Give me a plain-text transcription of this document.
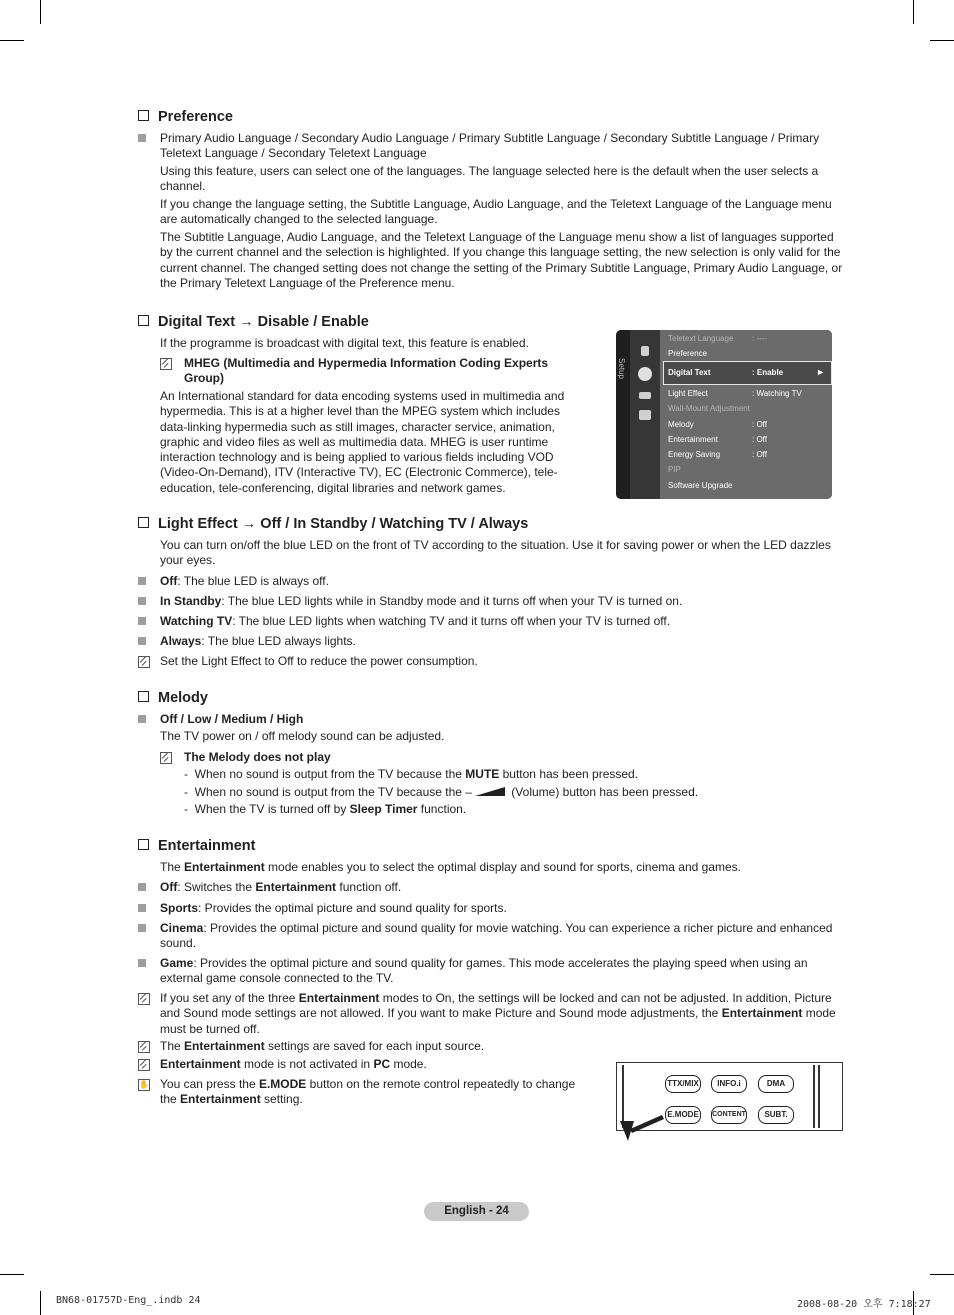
Preference
Primary Audio Language / Secondary Audio Language / Primary Subtitle Language / Secondary Subtitle Language / Primary Teletext Language / Secondary Teletext Language
Using this feature, users can select one of the languages. The language selected here is the default when the user selects a channel.
If you change the language setting, the Subtitle Language, Audio Language, and the Teletext Language of the Language menu are automatically changed to the selected language.
The Subtitle Language, Audio Language, and the Teletext Language of the Language menu show a list of languages supported by the current channel and the selection is highlighted. If you change this language setting, the new selection is only valid for the current channel. The changed setting does not change the setting of the Primary Subtitle Language, Primary Audio Language, or the Primary Teletext Language of the Preference menu.
Digital Text → Disable / Enable
If the programme is broadcast with digital text, this feature is enabled.
MHEG (Multimedia and Hypermedia Information Coding Experts Group)
An International standard for data encoding systems used in multimedia and hypermedia. This is at a higher level than the MPEG system which includes data-linking hypermedia such as still images, character service, animation, graphic and video files as well as multimedia data. MHEG is user runtime interaction technology and is being applied to various fields including VOD (Video-On-Demand), ITV (Interactive TV), EC (Electronic Commerce), tele-education, tele-conferencing, digital libraries and network games.
Setup	►
Teletext Language : ----
Preference
Digital Text	: Enable
Light Effect	: Watching TV
Wall-Mount Adjustment
Melody	: Off
Entertainment	: Off
Energy Saving	: Off
PIP
Software Upgrade
Light Effect → Off / In Standby / Watching TV / Always
You can turn on/off the blue LED on the front of TV according to the situation. Use it for saving power or when the LED dazzles your eyes.
Off: The blue LED is always off.
In Standby: The blue LED lights while in Standby mode and it turns off when your TV is turned on.
Watching TV: The blue LED lights when watching TV and it turns off when your TV is turned off.
Always: The blue LED always lights.
Set the Light Effect to Off to reduce the power consumption.
Melody
Off / Low / Medium / High
The TV power on / off melody sound can be adjusted.
The Melody does not play
-  When no sound is output from the TV because the MUTE button has been pressed.
-  When no sound is output from the TV because the –	(Volume) button has been pressed.
-  When the TV is turned off by Sleep Timer function.
Entertainment
The Entertainment mode enables you to select the optimal display and sound for sports, cinema and games.
Off: Switches the Entertainment function off.
Sports: Provides the optimal picture and sound quality for sports.
Cinema: Provides the optimal picture and sound quality for movie watching. You can experience a richer picture and enhanced sound.
Game: Provides the optimal picture and sound quality for games. This mode accelerates the playing speed when using an external game console connected to the TV.
If you set any of the three Entertainment modes to On, the settings will be locked and can not be adjusted. In addition, Picture and Sound mode settings are not allowed. If you want to make Picture and Sound mode adjustments, the Entertainment mode must be turned off.
The Entertainment settings are saved for each input source.
Entertainment mode is not activated in PC mode.
✋ You can press the E.MODE button on the remote control repeatedly to change the Entertainment setting.
TTX/MIX	INFO.i	DMA
E.MODE	CONTENT	SUBT.
English - 24
BN68-01757D-Eng_.indb 24	2008-08-20 오후 7:18:27
